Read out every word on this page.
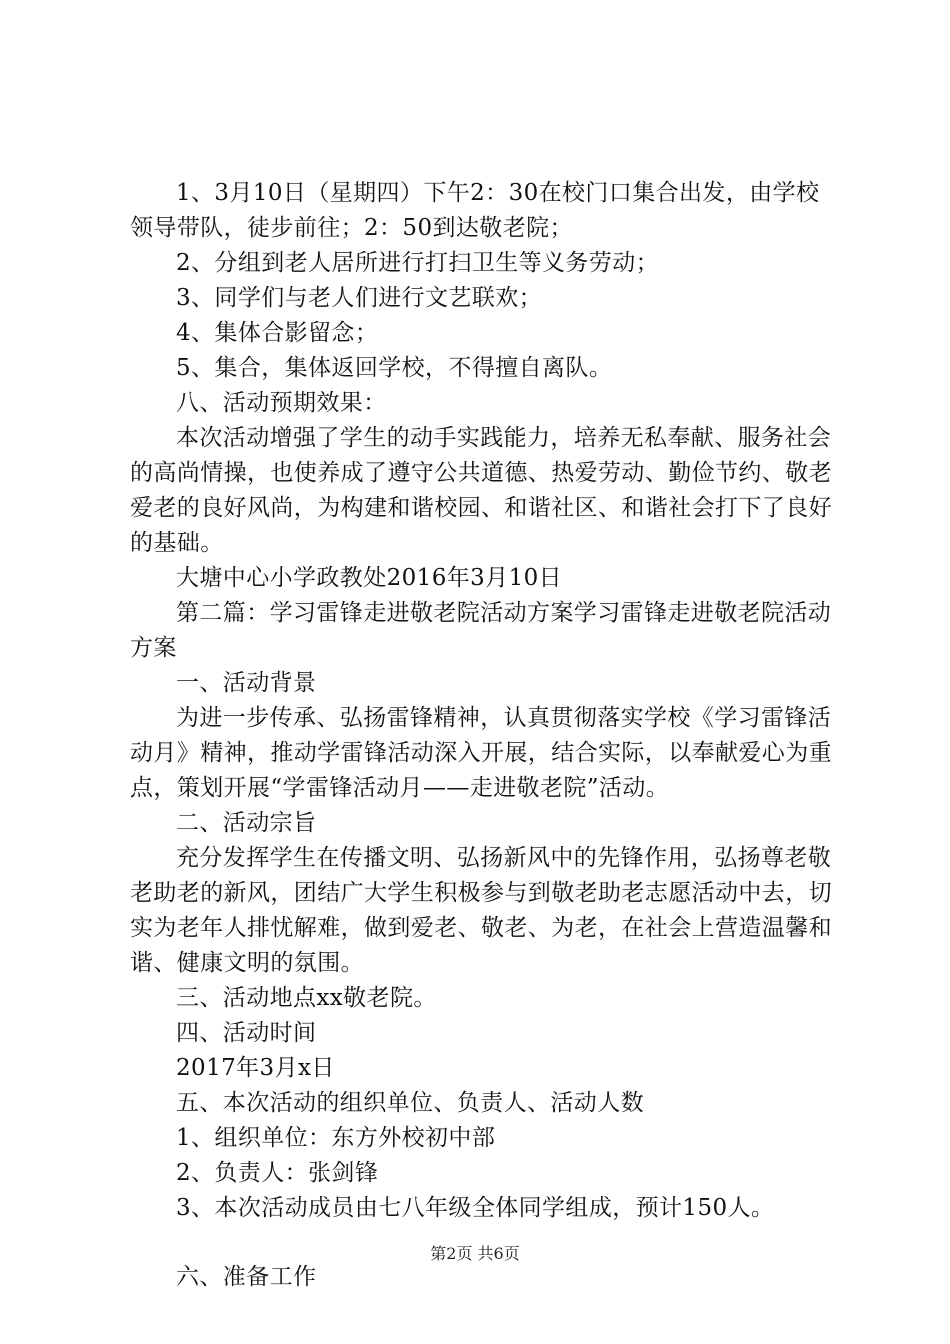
1、3月10日（星期四）下午2：30在校门口集合出发，由学校领导带队，徒步前往；2：50到达敬老院；

2、分组到老人居所进行打扫卫生等义务劳动；

3、同学们与老人们进行文艺联欢；

4、集体合影留念；

5、集合，集体返回学校，不得擅自离队。

八、活动预期效果：

本次活动增强了学生的动手实践能力，培养无私奉献、服务社会的高尚情操，也使养成了遵守公共道德、热爱劳动、勤俭节约、敬老爱老的良好风尚，为构建和谐校园、和谐社区、和谐社会打下了良好的基础。

大塘中心小学政教处2016年3月10日

第二篇：学习雷锋走进敬老院活动方案学习雷锋走进敬老院活动方案

一、活动背景

为进一步传承、弘扬雷锋精神，认真贯彻落实学校《学习雷锋活动月》精神，推动学雷锋活动深入开展，结合实际，以奉献爱心为重点，策划开展“学雷锋活动月——走进敬老院”活动。

二、活动宗旨

充分发挥学生在传播文明、弘扬新风中的先锋作用，弘扬尊老敬老助老的新风，团结广大学生积极参与到敬老助老志愿活动中去，切实为老年人排忧解难，做到爱老、敬老、为老，在社会上营造温馨和谐、健康文明的氛围。

三、活动地点xx敬老院。

四、活动时间

2017年3月x日

五、本次活动的组织单位、负责人、活动人数

1、组织单位：东方外校初中部

2、负责人：张剑锋

3、本次活动成员由七八年级全体同学组成，预计150人。

六、准备工作

第2页 共6页
